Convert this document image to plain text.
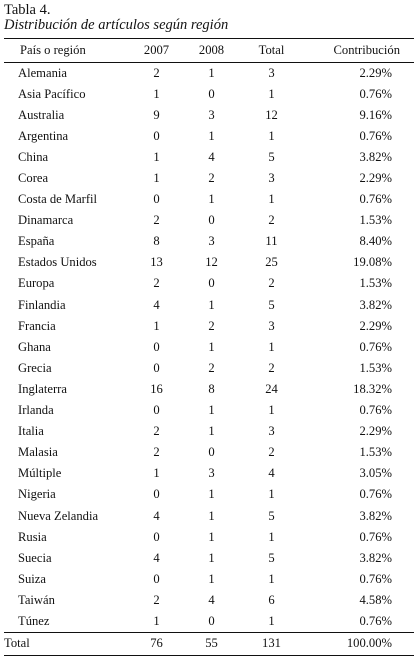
Tabla 4.
Distribución de artículos según región
País o región	2007	2008	Total	Contribución
Alemania	2	1	3	2.29%
Asia Pacífico	1	0	1	0.76%
Australia	9	3	12	9.16%
Argentina	0	1	1	0.76%
China	1	4	5	3.82%
Corea	1	2	3	2.29%
Costa de Marfil	0	1	1	0.76%
Dinamarca	2	0	2	1.53%
España	8	3	11	8.40%
Estados Unidos	13	12	25	19.08%
Europa	2	0	2	1.53%
Finlandia	4	1	5	3.82%
Francia	1	2	3	2.29%
Ghana	0	1	1	0.76%
Grecia	0	2	2	1.53%
Inglaterra	16	8	24	18.32%
Irlanda	0	1	1	0.76%
Italia	2	1	3	2.29%
Malasia	2	0	2	1.53%
Múltiple	1	3	4	3.05%
Nigeria	0	1	1	0.76%
Nueva Zelandia	4	1	5	3.82%
Rusia	0	1	1	0.76%
Suecia	4	1	5	3.82%
Suiza	0	1	1	0.76%
Taiwán	2	4	6	4.58%
Túnez	1	0	1	0.76%
Total	76	55	131	100.00%
